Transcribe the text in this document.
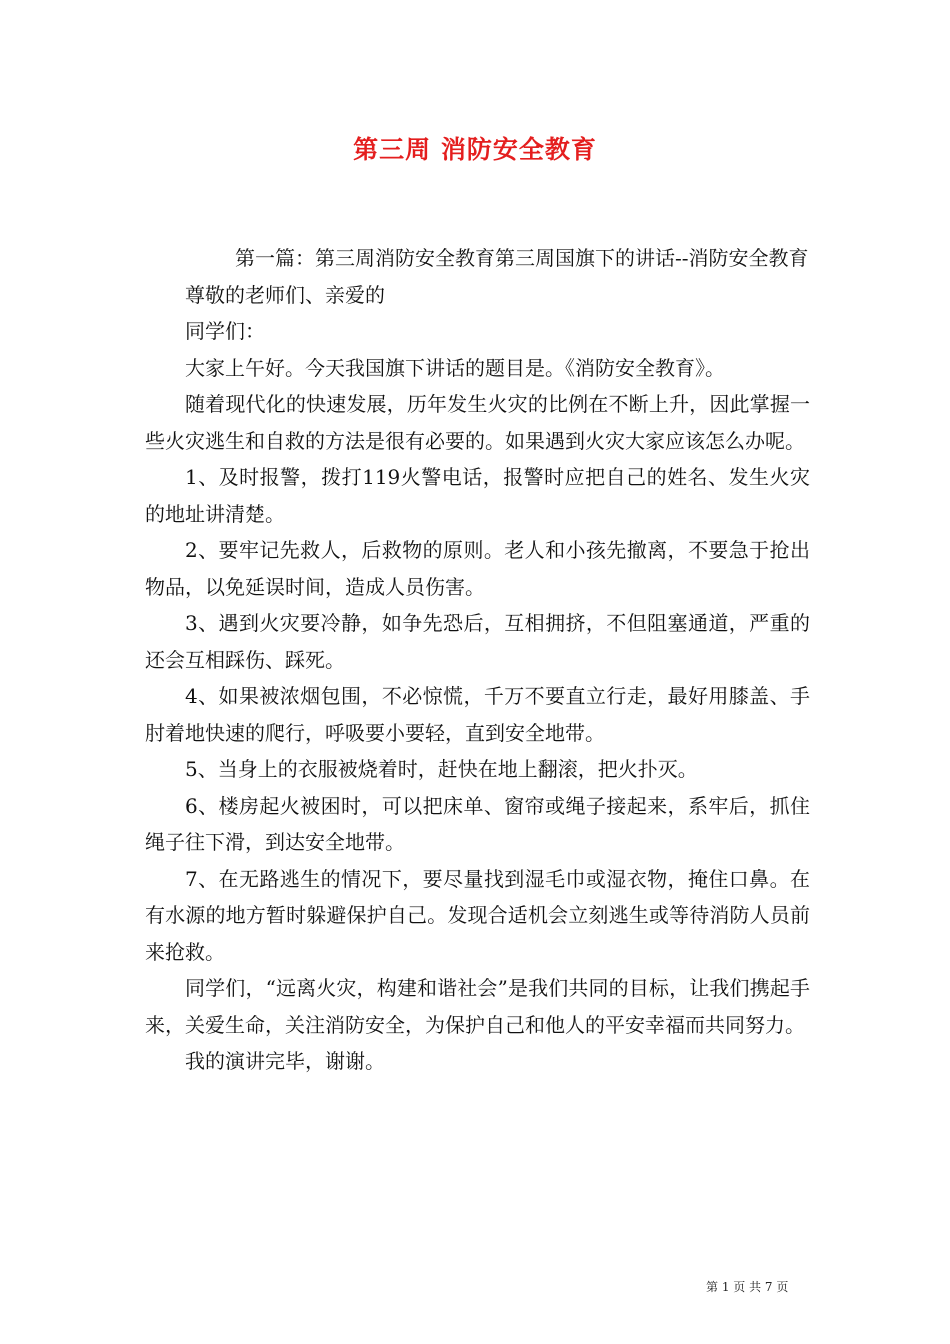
第三周 消防安全教育

第一篇：第三周消防安全教育第三周国旗下的讲话--消防安全教育

尊敬的老师们、亲爱的

同学们：

大家上午好。今天我国旗下讲话的题目是。《消防安全教育》。

随着现代化的快速发展，历年发生火灾的比例在不断上升，因此掌握一些火灾逃生和自救的方法是很有必要的。如果遇到火灾大家应该怎么办呢。

1、及时报警，拨打119火警电话，报警时应把自己的姓名、发生火灾的地址讲清楚。

2、要牢记先救人，后救物的原则。老人和小孩先撤离，不要急于抢出物品，以免延误时间，造成人员伤害。

3、遇到火灾要冷静，如争先恐后，互相拥挤，不但阻塞通道，严重的还会互相踩伤、踩死。

4、如果被浓烟包围，不必惊慌，千万不要直立行走，最好用膝盖、手肘着地快速的爬行，呼吸要小要轻，直到安全地带。

5、当身上的衣服被烧着时，赶快在地上翻滚，把火扑灭。

6、楼房起火被困时，可以把床单、窗帘或绳子接起来，系牢后，抓住绳子往下滑，到达安全地带。

7、在无路逃生的情况下，要尽量找到湿毛巾或湿衣物，掩住口鼻。在有水源的地方暂时躲避保护自己。发现合适机会立刻逃生或等待消防人员前来抢救。

同学们，“远离火灾，构建和谐社会”是我们共同的目标，让我们携起手来，关爱生命，关注消防安全，为保护自己和他人的平安幸福而共同努力。

我的演讲完毕，谢谢。

第 1 页 共 7 页
